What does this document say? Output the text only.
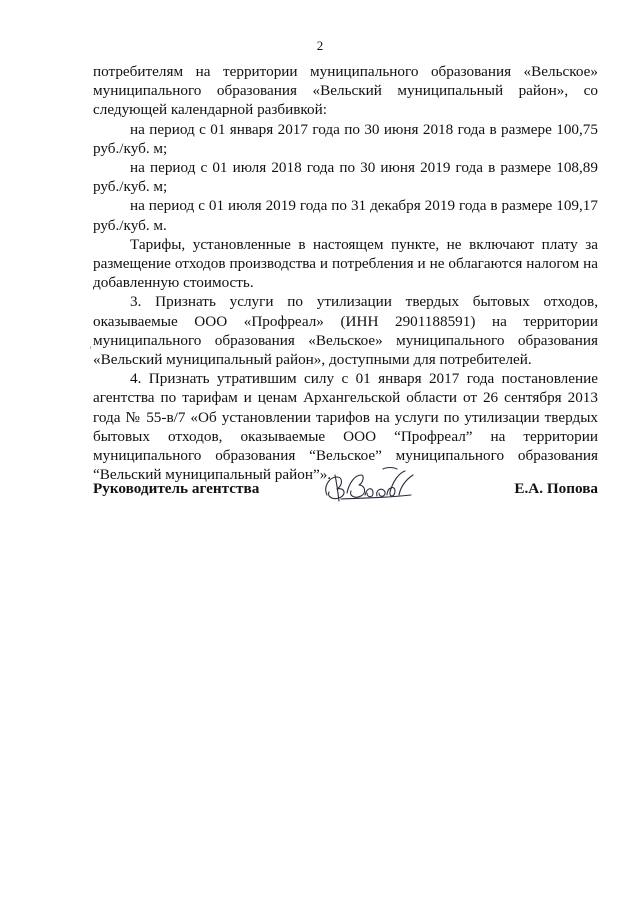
2

потребителям на территории муниципального образования «Вельское» муниципального образования «Вельский муниципальный район», со следующей календарной разбивкой:

на период с 01 января 2017 года по 30 июня 2018 года в размере 100,75 руб./куб. м;

на период с 01 июля 2018 года по 30 июня 2019 года в размере 108,89 руб./куб. м;

на период с 01 июля 2019 года по 31 декабря 2019 года в размере 109,17 руб./куб. м.

Тарифы, установленные в настоящем пункте, не включают плату за размещение отходов производства и потребления и не облагаются налогом на добавленную стоимость.

3. Признать услуги по утилизации твердых бытовых отходов, оказываемые ООО «Профреал» (ИНН 2901188591) на территории муниципального образования «Вельское» муниципального образования «Вельский муниципальный район», доступными для потребителей.

4. Признать утратившим силу с 01 января 2017 года постановление агентства по тарифам и ценам Архангельской области от 26 сентября 2013 года № 55-в/7 «Об установлении тарифов на услуги по утилизации твердых бытовых отходов, оказываемые ООО “Профреал” на территории муниципального образования “Вельское” муниципального образования “Вельский муниципальный район”».

Руководитель агентства	Е.А. Попова
